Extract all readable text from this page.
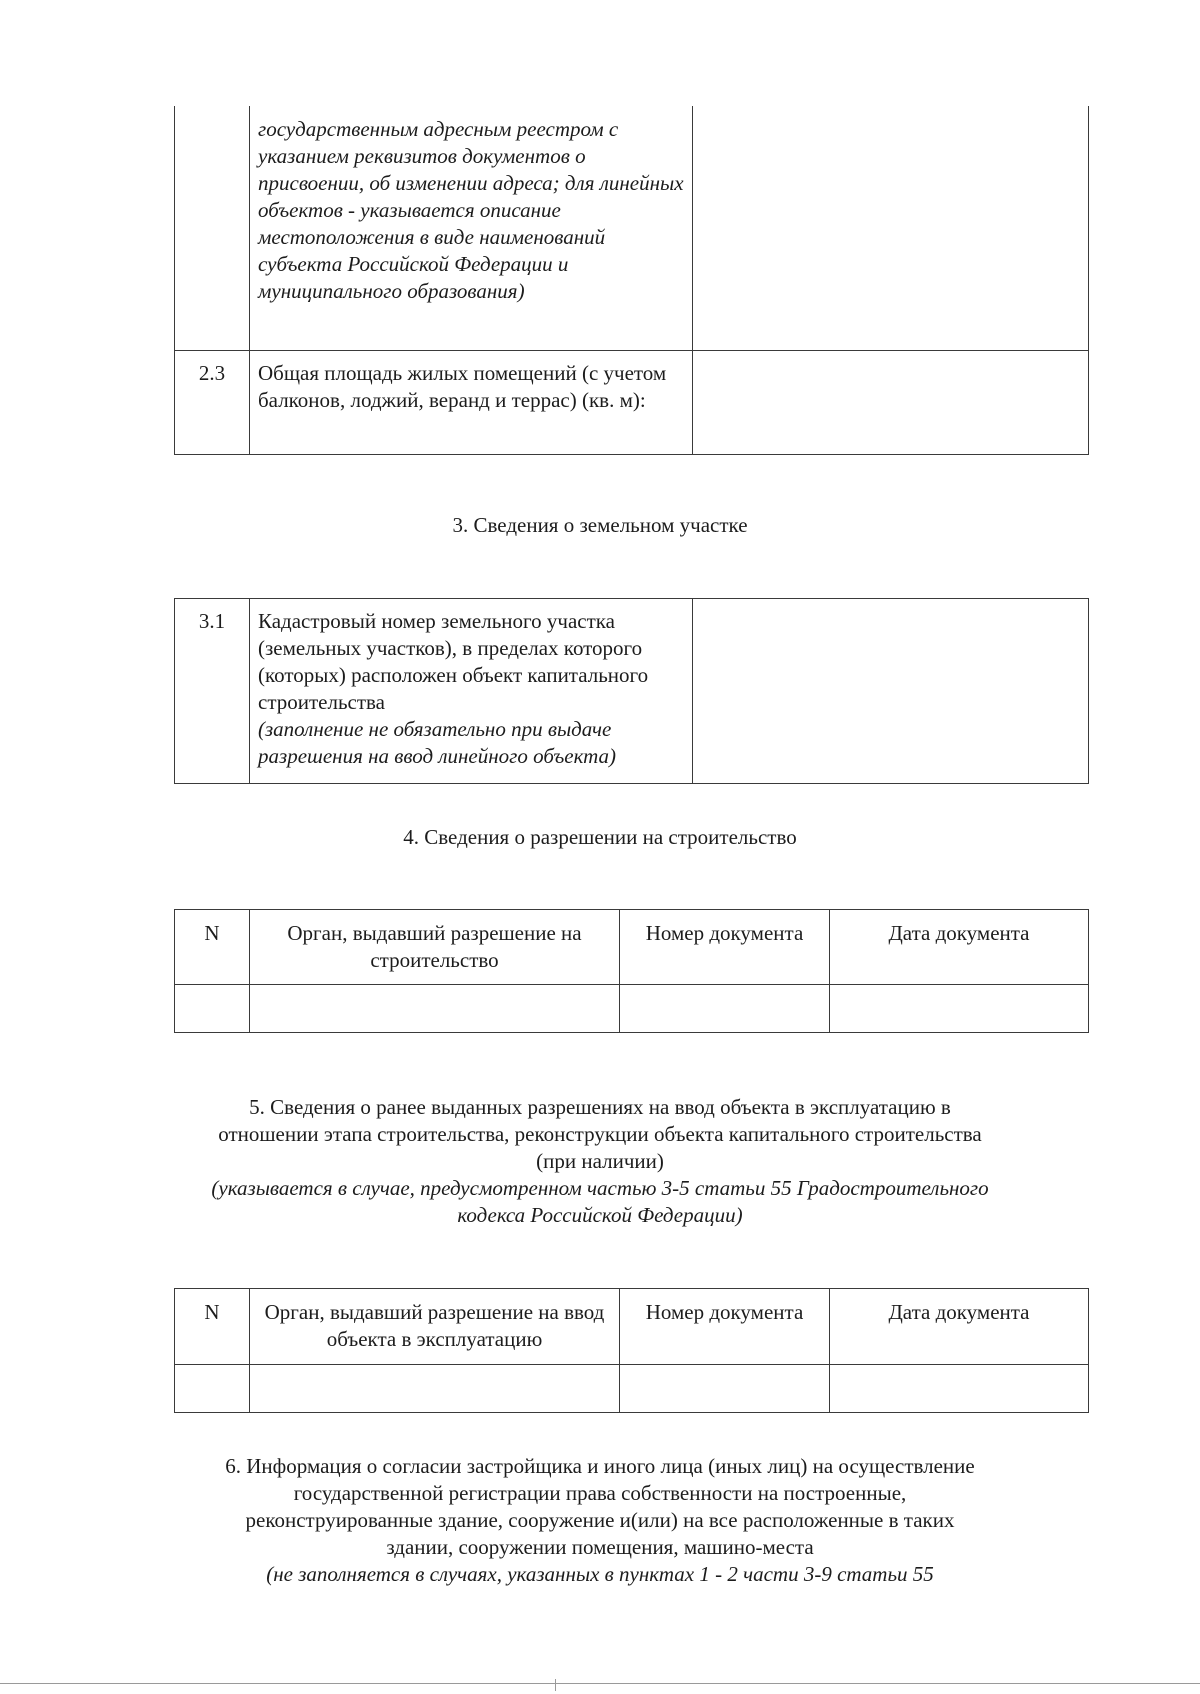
	государственным адресным реестром с указанием реквизитов документов о присвоении, об изменении адреса; для линейных объектов - указывается описание местоположения в виде наименований субъекта Российской Федерации и муниципального образования)	

2.3	Общая площадь жилых помещений (с учетом балконов, лоджий, веранд и террас) (кв. м):	

3. Сведения о земельном участке
3.1	Кадастровый номер земельного участка (земельных участков), в пределах которого (которых) расположен объект капитального строительства
(заполнение не обязательно при выдаче разрешения на ввод линейного объекта)

4. Сведения о разрешении на строительство
N	Орган, выдавший разрешение на строительство	Номер документа	Дата документа

5. Сведения о ранее выданных разрешениях на ввод объекта в эксплуатацию в
отношении этапа строительства, реконструкции объекта капитального строительства
(при наличии)
(указывается в случае, предусмотренном частью 3-5 статьи 55 Градостроительного
кодекса Российской Федерации)
N	Орган, выдавший разрешение на ввод объекта в эксплуатацию	Номер документа	Дата документа

6. Информация о согласии застройщика и иного лица (иных лиц) на осуществление
государственной регистрации права собственности на построенные,
реконструированные здание, сооружение и(или) на все расположенные в таких
здании, сооружении помещения, машино-места
(не заполняется в случаях, указанных в пунктах 1 - 2 части 3-9 статьи 55
